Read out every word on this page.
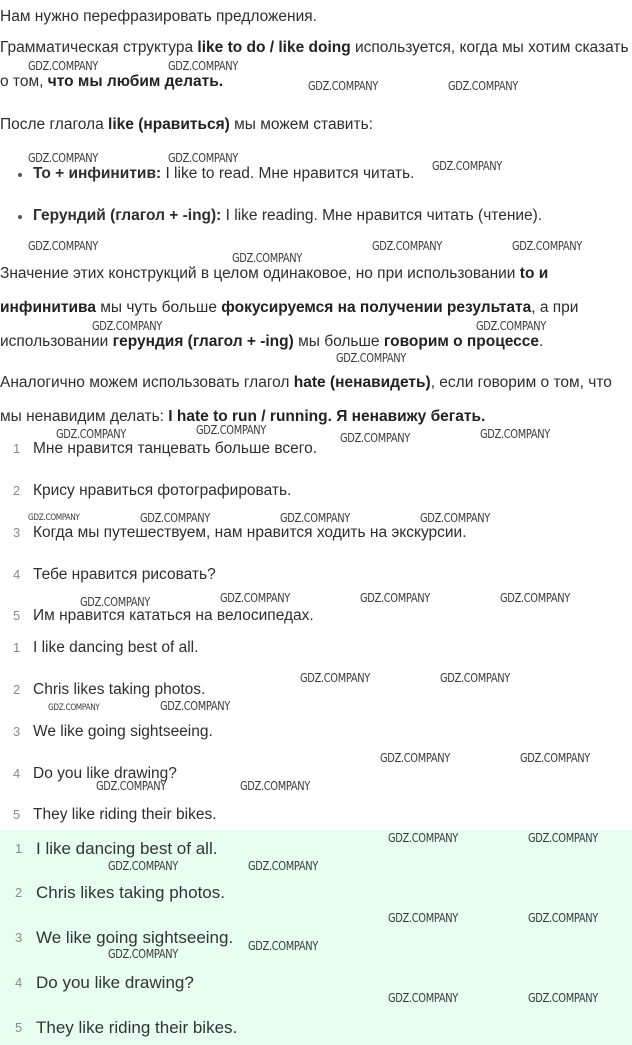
Нам нужно перефразировать предложения.

Грамматическая структура like to do / like doing используется, когда мы хотим сказать о том, что мы любим делать.

После глагола like (нравиться) мы можем ставить:

To + инфинитив: I like to read. Мне нравится читать.
Герундий (глагол + -ing): I like reading. Мне нравится читать (чтение).

Значение этих конструкций в целом одинаковое, но при использовании to и инфинитива мы чуть больше фокусируемся на получении результата, а при использовании герундия (глагол + -ing) мы больше говорим о процессе.

Аналогично можем использовать глагол hate (ненавидеть), если говорим о том, что мы ненавидим делать: I hate to run / running. Я ненавижу бегать.

1 Мне нравится танцевать больше всего.
2 Крису нравиться фотографировать.
3 Когда мы путешествуем, нам нравится ходить на экскурсии.
4 Тебе нравится рисовать?
5 Им нравится кататься на велосипедах.
1 I like dancing best of all.
2 Chris likes taking photos.
3 We like going sightseeing.
4 Do you like drawing?
5 They like riding their bikes.
1 I like dancing best of all.
2 Chris likes taking photos.
3 We like going sightseeing.
4 Do you like drawing?
5 They like riding their bikes.
GDZ.COMPANY	GDZ.COMPANY
GDZ.COMPANY	GDZ.COMPANY
GDZ.COMPANY	GDZ.COMPANY
GDZ.COMPANY
GDZ.COMPANY
GDZ.COMPANY
GDZ.COMPANY	GDZ.COMPANY
GDZ.COMPANY	GDZ.COMPANY
GDZ.COMPANY
GDZ.COMPANY	GDZ.COMPANY
GDZ.COMPANY	GDZ.COMPANY
GDZ.COMPANY	GDZ.COMPANY	GDZ.COMPANY	GDZ.COMPANY
GDZ.COMPANY	GDZ.COMPANY	GDZ.COMPANY	GDZ.COMPANY
GDZ.COMPANY	GDZ.COMPANY
GDZ.COMPANY	GDZ.COMPANY
GDZ.COMPANY	GDZ.COMPANY
GDZ.COMPANY	GDZ.COMPANY
GDZ.COMPANY	GDZ.COMPANY
GDZ.COMPANY	GDZ.COMPANY
GDZ.COMPANY	GDZ.COMPANY
GDZ.COMPANY
GDZ.COMPANY
GDZ.COMPANY	GDZ.COMPANY
